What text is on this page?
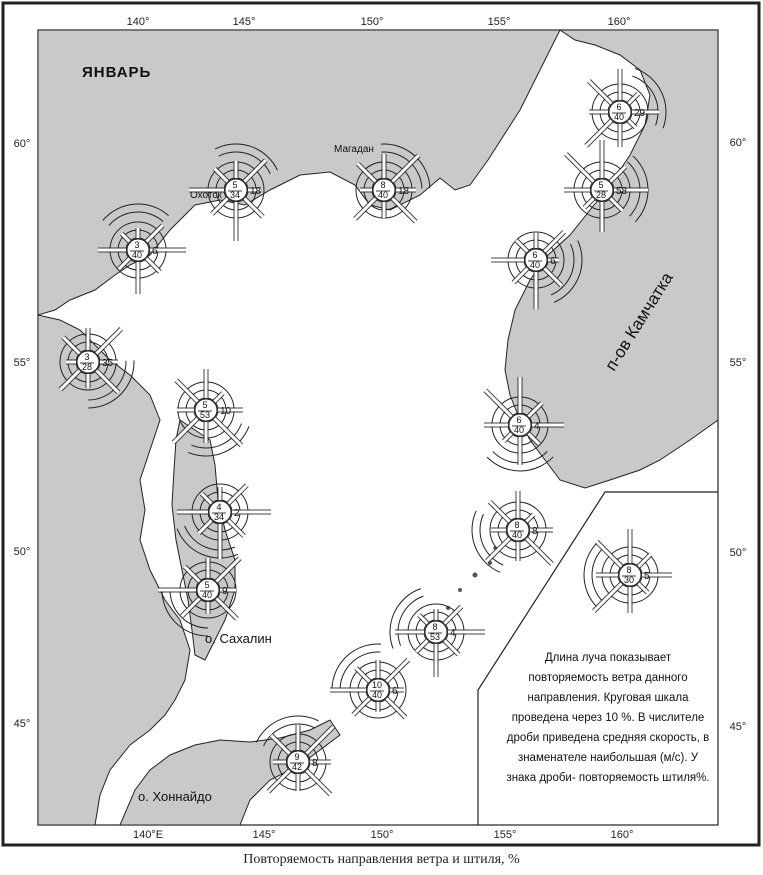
140°	145°	150°	155°	160°
140°E	145°	150°	155°	160°
60°
55°
50°
45°
60°
55°
50°
45°
ЯНВАРЬ
Охотск
Магадан
о. Сахалин
о. Хоннайдо
п-ов Камчатка
3
40 6
5
34 18
8
40 18
6
40 29
5
28 58
6
40 6
3
28 35
5
53 10
6
40 4
4
34 2
5
40 9
8
40 8
8
30 5
8
53 4
10
40 6
9
42 8
Длина луча показывает
повторяемость ветра данного
направления. Круговая шкала
проведена через 10 %. В числителе
дроби приведена средняя скорость, в
знаменателе наибольшая (м/с). У
знака дроби- повторяемость штиля%.
Повторяемость направления ветра и штиля, %
